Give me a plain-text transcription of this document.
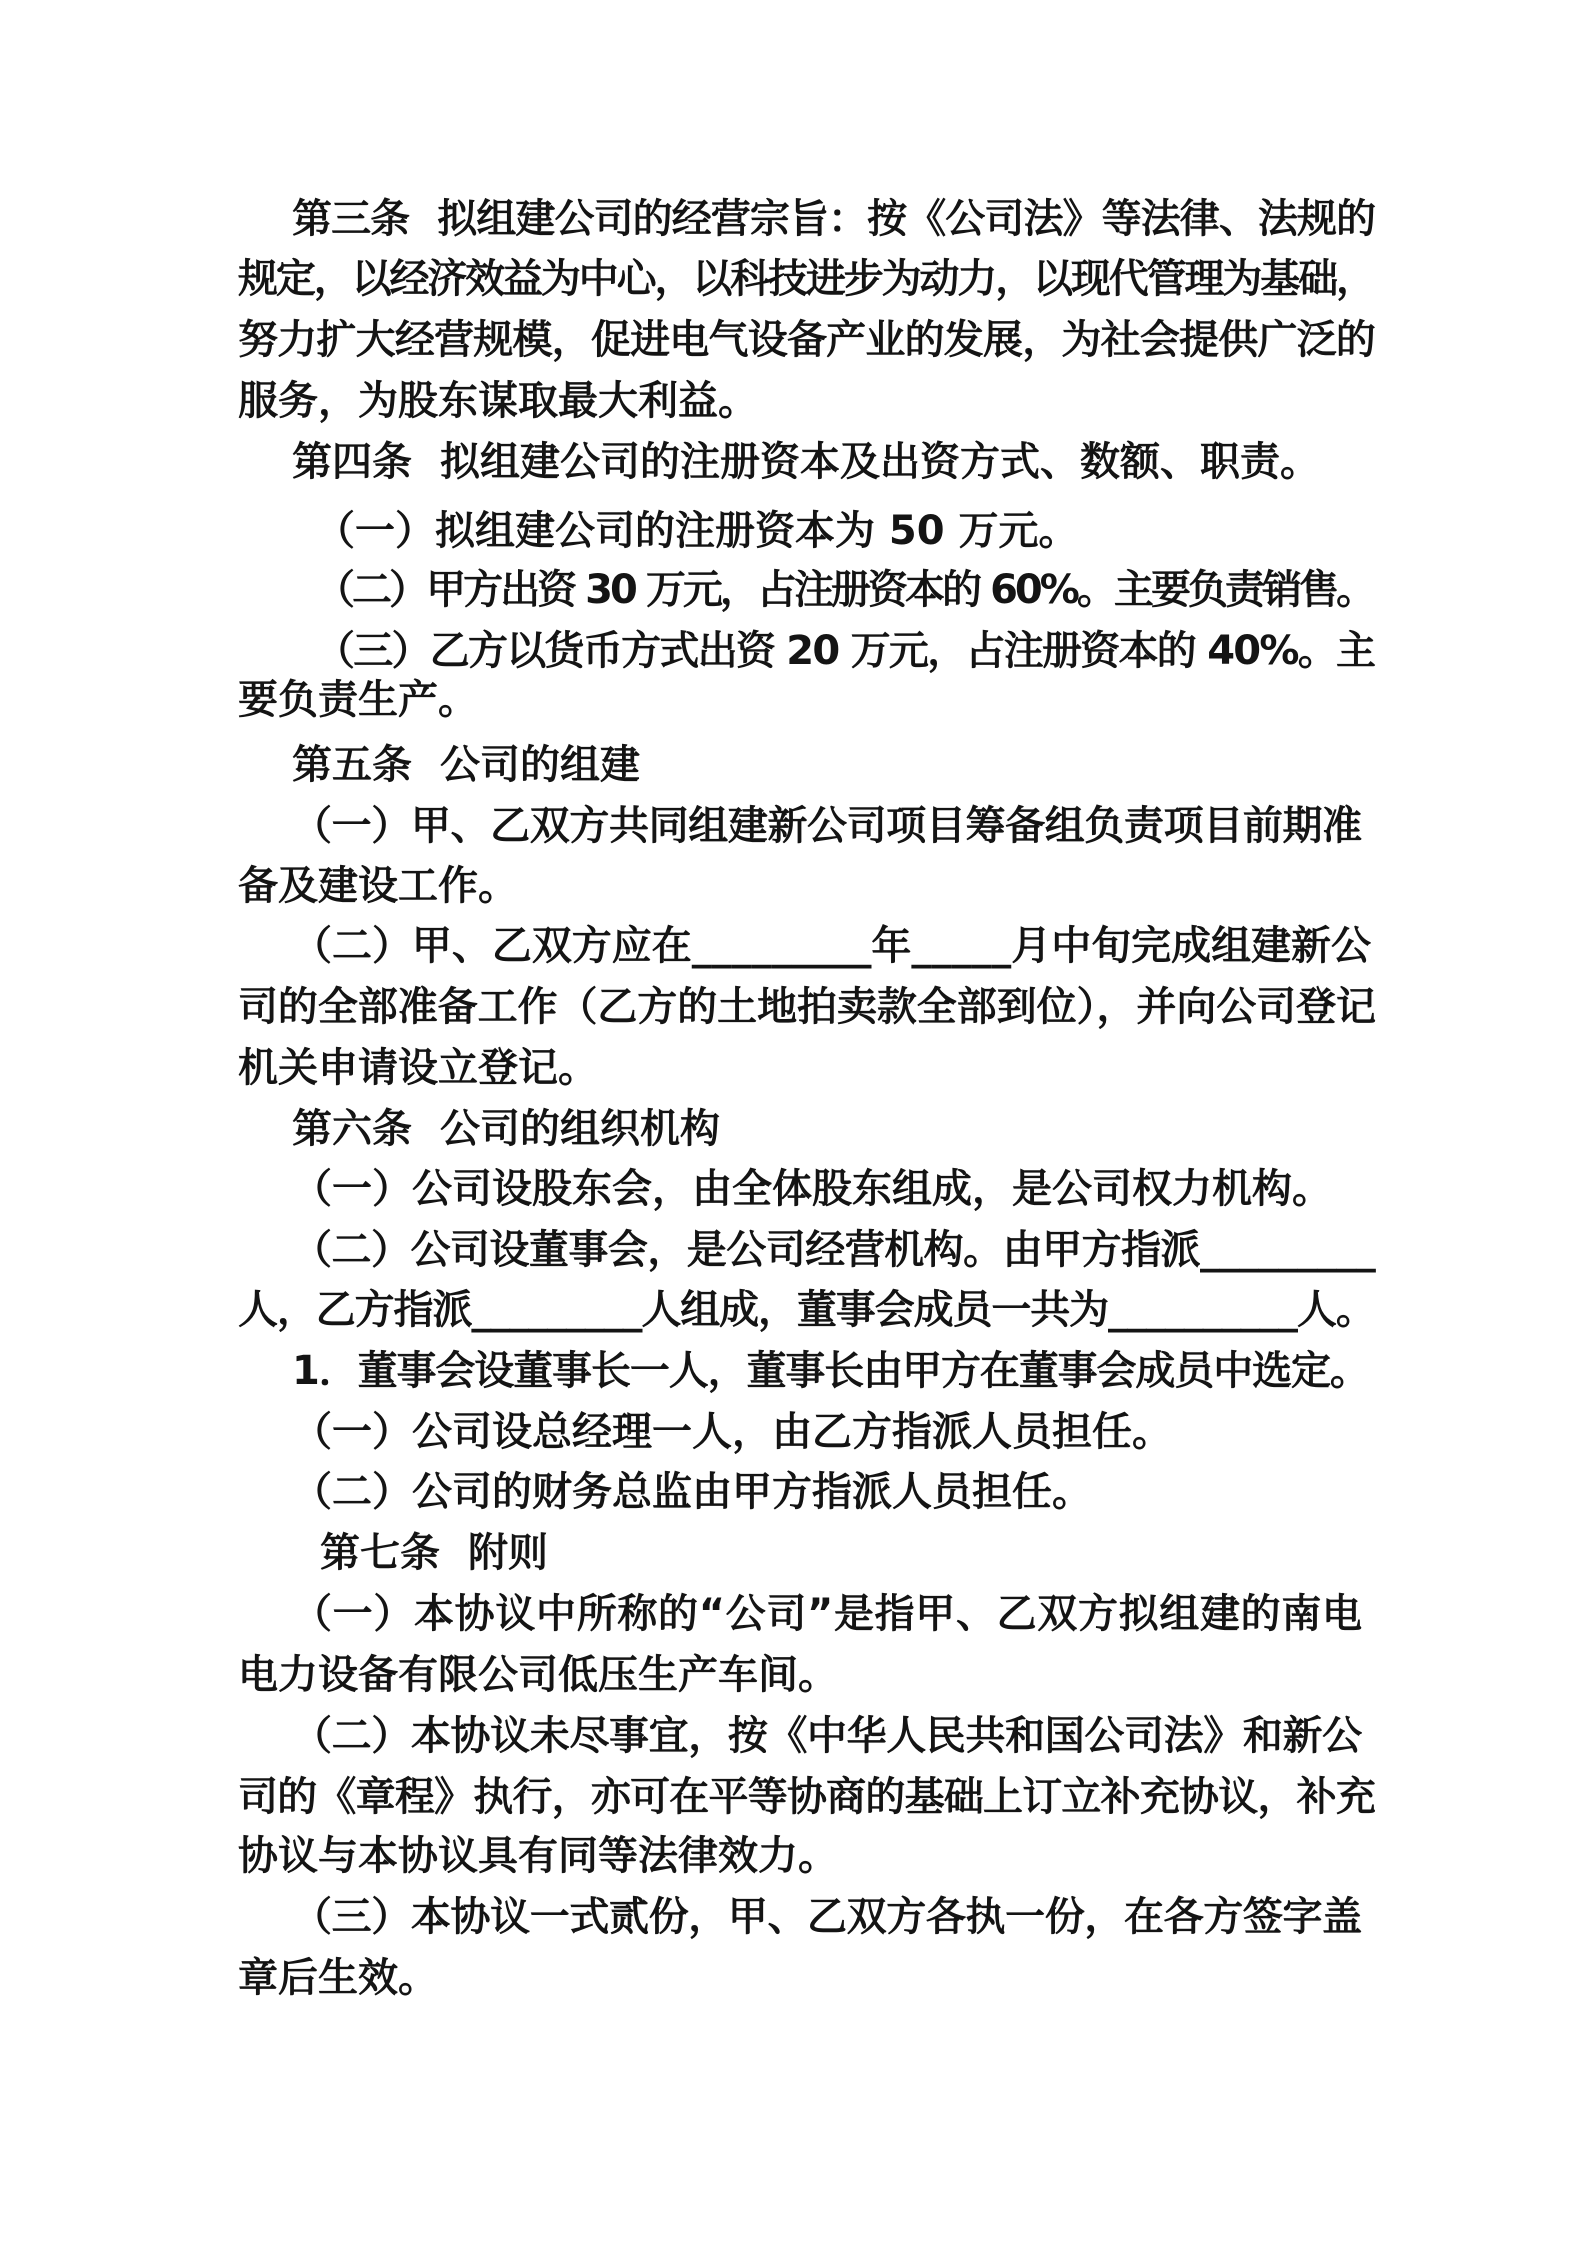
第三条 拟组建公司的经营宗旨：按《公司法》等法律、法规的
规定，以经济效益为中心，以科技进步为动力，以现代管理为基础，
努力扩大经营规模，促进电气设备产业的发展，为社会提供广泛的
服务，为股东谋取最大利益。
第四条 拟组建公司的注册资本及出资方式、数额、职责。
（一）拟组建公司的注册资本为 50 万元。
（二）甲方出资 30 万元，占注册资本的 60%。主要负责销售。
（三）乙方以货币方式出资 20 万元，占注册资本的 40%。主
要负责生产。
第五条 公司的组建
（一）甲、乙双方共同组建新公司项目筹备组负责项目前期准
备及建设工作。
（二）甲、乙双方应在_________年_____月中旬完成组建新公
司的全部准备工作（乙方的土地拍卖款全部到位），并向公司登记
机关申请设立登记。
第六条 公司的组织机构
（一）公司设股东会，由全体股东组成，是公司权力机构。
（二）公司设董事会，是公司经营机构。由甲方指派_________
人，乙方指派_________人组成，董事会成员一共为__________人。
1．董事会设董事长一人，董事长由甲方在董事会成员中选定。
（一）公司设总经理一人，由乙方指派人员担任。
（二）公司的财务总监由甲方指派人员担任。
第七条 附则
（一）本协议中所称的“公司”是指甲、乙双方拟组建的南电
电力设备有限公司低压生产车间。
（二）本协议未尽事宜，按《中华人民共和国公司法》和新公
司的《章程》执行，亦可在平等协商的基础上订立补充协议，补充
协议与本协议具有同等法律效力。
（三）本协议一式贰份，甲、乙双方各执一份，在各方签字盖
章后生效。
